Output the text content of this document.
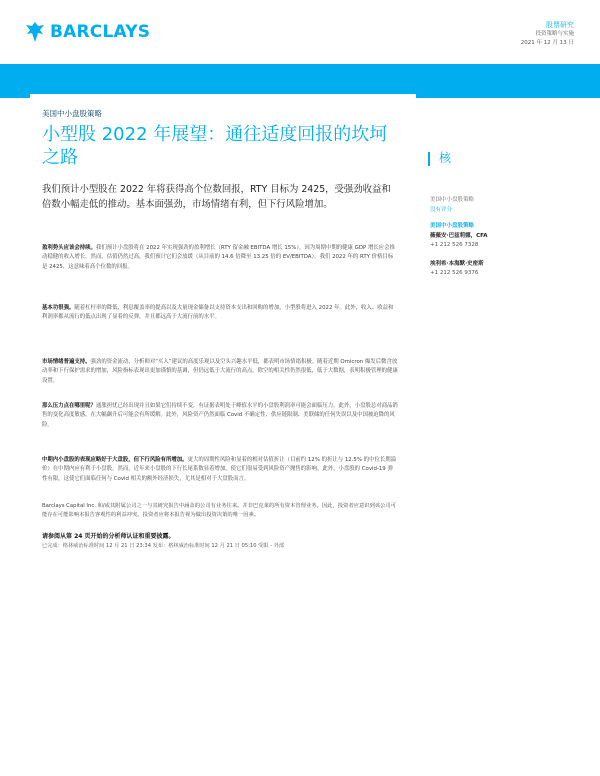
BARCLAYS	股票研究
投资策略与实施
2021 年 12 月 13 日
美国中小盘股策略
小型股 2022 年展望：通往适度回报的坎坷之路
我们预计小型股在 2022 年将获得高个位数回报，RTY 目标为 2425，受强劲收益和倍数小幅走低的推动。基本面强劲，市场情绪有利，但下行风险增加。
盈利势头应该会持续。我们预计小盘股将在 2022 年实现强劲的盈利增长（RTY 留金融 EBITDA 增长 15%）。因为周期中期的健康 GDP 增长应会推动稳健的收入增长。然而，估值仍然过高，我们预计它们会放缓（从目前的 14.6 倍降至 13.25 倍的 EV/EBITDA）。我们 2022 年的 RTY 价格目标是 2425，这意味着高个位数的回报。
基本功很强。随着杠杆率的降低、利息覆盖率的提高以及大量现金储备以支持资本支出和回购的增加，小型股将进入 2022 年。此外，收入、收益和利润率都从流行的低点出现了显着的反弹，并且都远高于大流行前的水平。
市场情绪普遍支持。强劲的资金流动、分析师对“买入”建议的高度乐观以及空头兴趣水平低，都表明市场情绪积极。随着近期 Omicron 爆发后微含放动率和下行保护需求的增加，风险指标表现出更加谨慎的基调，但仍远低于大流行的高点。除空的相关性仍然很低，低于大数据，表明积极管理的健康设置。
那么压力点在哪里呢？通胀担忧已经出现并且如果它们持续不变，有证据表明处于峰值水平的小盘股利润率可能会面临压力。此外，小盘股总对商品销售的变化高度敏感，在大幅飙升后可能会有所缓解。此外，风险资产仍然面临 Covid 不确定性、供应链限制、美联储的任何失误以及中国被迫降的风险。
中期内小盘股的表现应略好于大盘股，但下行风险有所增加。更大的周期性风险和显着的相对估值折让（目前约 12% 的折让与 12.5% 的中位长期溢价）在中期内应有利于小盘股。然而，近年来小盘股的下行长尾系数显着增加，使它们很易受到风险资产抛售的影响。此外，小盘股的 Covid-19 弹性有限，这使它们面临任何与 Covid 相关的额外经济损失，尤其是相对于大盘股而言。
Barclays Capital Inc. 和/或其附属公司之一与其研究报告中涵盖的公司有业务往来。并非巴克莱的所有资本管理业务。因此，投资者应意识到该公司可能存在可能影响本报告客观性的利益冲突。投资者应将本报告视为做出投资决策的唯一因素。
请参阅从第 24 页开始的分析师认证和重要披露。
已完成：格林威治标准时间 12 月 21 日 23:34 发布：格林威治标准时间 12 月 21 日 05:10 受限 - 外部
核
美国中小盘股策略
没有评分
美国中小盘股策略
薇薇安·巴兹莉娜，CFA
+1 212 526 7328
埃利希·本海默·史密斯
+1 212 526 9376
